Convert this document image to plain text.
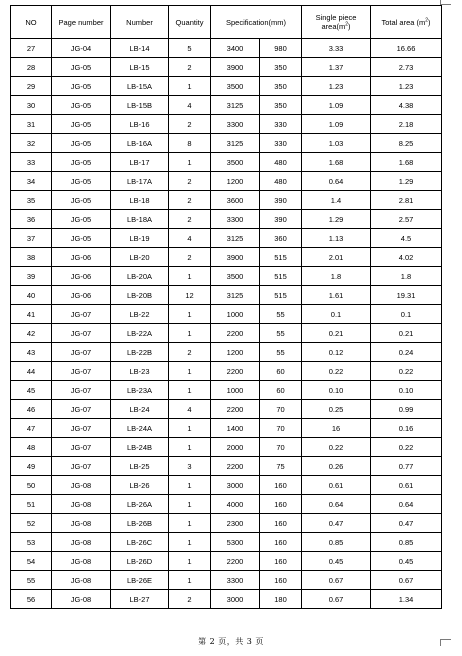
NO	Page number	Number	Quantity	Specification(mm)		Single piece $area(m^2)$	Total area $(m^2)$
27	JG-04	LB-14	5	3400	980	3.33	16.66
28	JG-05	LB-15	2	3900	350	1.37	2.73
29	JG-05	LB-15A	1	3500	350	1.23	1.23
30	JG-05	LB-15B	4	3125	350	1.09	4.38
31	JG-05	LB-16	2	3300	330	1.09	2.18
32	JG-05	LB-16A	8	3125	330	1.03	8.25
33	JG-05	LB-17	1	3500	480	1.68	1.68
34	JG-05	LB-17A	2	1200	480	0.64	1.29
35	JG-05	LB-18	2	3600	390	1.4	2.81
36	JG-05	LB-18A	2	3300	390	1.29	2.57
37	JG-05	LB-19	4	3125	360	1.13	4.5
38	JG-06	LB-20	2	3900	515	2.01	4.02
39	JG-06	LB-20A	1	3500	515	1.8	1.8
40	JG-06	LB-20B	12	3125	515	1.61	19.31
41	JG-07	LB-22	1	1000	55	0.1	0.1
42	JG-07	LB-22A	1	2200	55	0.21	0.21
43	JG-07	LB-22B	2	1200	55	0.12	0.24
44	JG-07	LB-23	1	2200	60	0.22	0.22
45	JG-07	LB-23A	1	1000	60	0.10	0.10
46	JG-07	LB-24	4	2200	70	0.25	0.99
47	JG-07	LB-24A	1	1400	70	16	0.16
48	JG-07	LB-24B	1	2000	70	0.22	0.22
49	JG-07	LB-25	3	2200	75	0.26	0.77
50	JG-08	LB-26	1	3000	160	0.61	0.61
51	JG-08	LB-26A	1	4000	160	0.64	0.64
52	JG-08	LB-26B	1	2300	160	0.47	0.47
53	JG-08	LB-26C	1	5300	160	0.85	0.85
54	JG-08	LB-26D	1	2200	160	0.45	0.45
55	JG-08	LB-26E	1	3300	160	0.67	0.67
56	JG-08	LB-27	2	3000	180	0.67	1.34
第 2 页，共 3 页
